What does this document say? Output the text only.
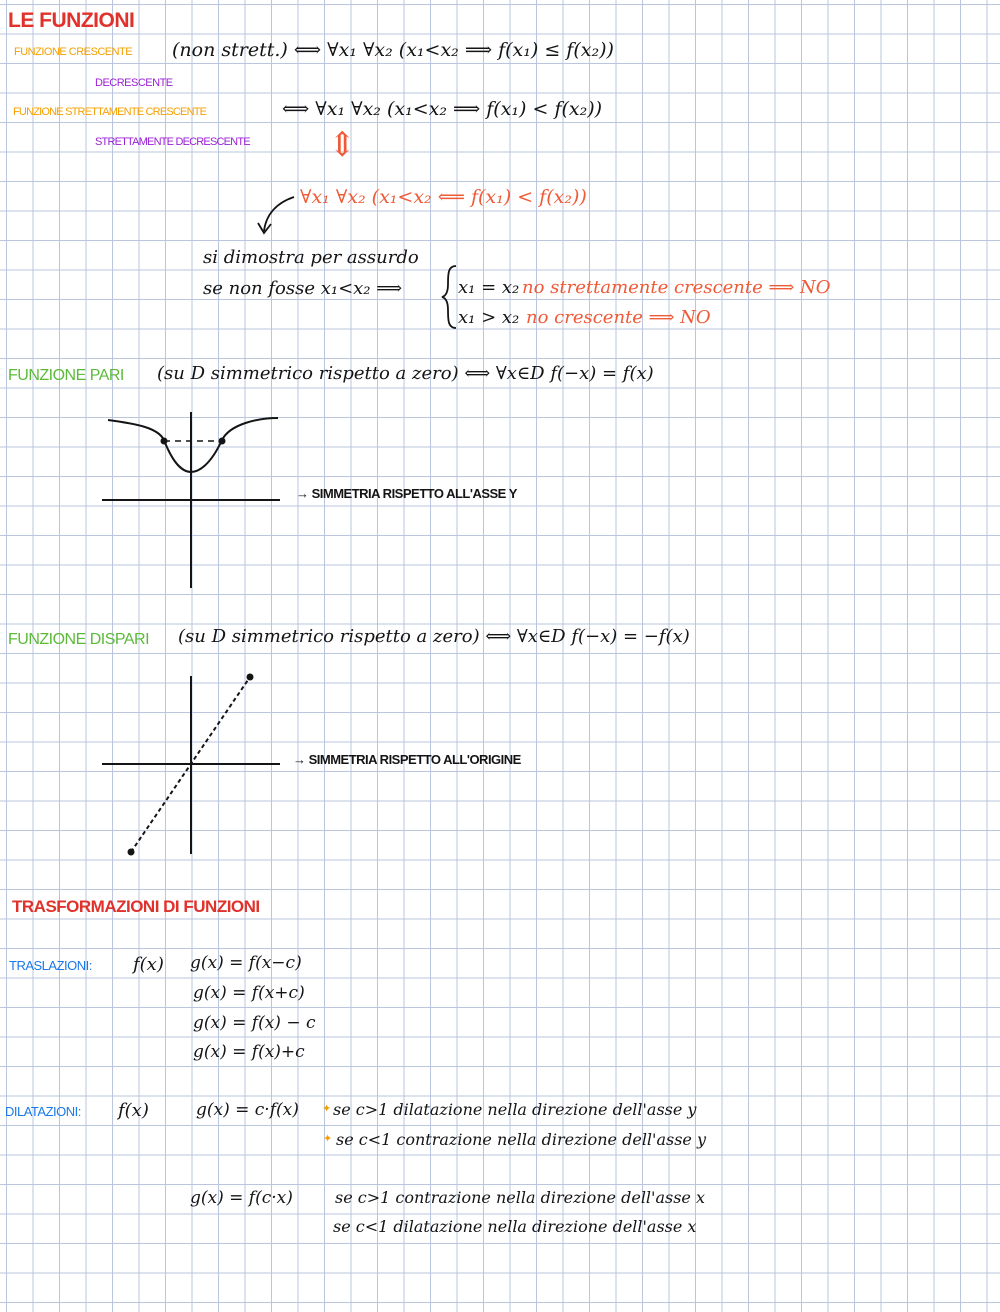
LE FUNZIONI
FUNZIONE CRESCENTE (non strett.) ⟺ ∀x₁ ∀x₂ (x₁<x₂ ⟹ f(x₁) ≤ f(x₂))
DECRESCENTE
FUNZIONE STRETTAMENTE CRESCENTE	⟺ ∀x₁ ∀x₂ (x₁<x₂ ⟹ f(x₁) < f(x₂))
STRETTAMENTE DECRESCENTE ⇕
∀x₁ ∀x₂ (x₁<x₂ ⟸ f(x₁) < f(x₂))
si dimostra per assurdo
se non fosse x₁<x₂ ⟹	x₁ = x₂ no strettamente crescente ⟹ NO
x₁ > x₂ no crescente ⟹ NO
FUNZIONE PARI (su D simmetrico rispetto a zero) ⟺ ∀x∈D f(−x) = f(x)
→ SIMMETRIA RISPETTO ALL'ASSE Y
FUNZIONE DISPARI (su D simmetrico rispetto a zero) ⟺ ∀x∈D f(−x) = −f(x)
→ SIMMETRIA RISPETTO ALL'ORIGINE
TRASFORMAZIONI DI FUNZIONI
TRASLAZIONI: f(x) g(x) = f(x−c)
g(x) = f(x+c)
g(x) = f(x) − c
g(x) = f(x)+c
DILATAZIONI: f(x)	g(x) = c·f(x) ✦ se c>1 dilatazione nella direzione dell'asse y
✦ se c<1 contrazione nella direzione dell'asse y
g(x) = f(c·x)	se c>1 contrazione nella direzione dell'asse x
se c<1 dilatazione nella direzione dell'asse x
